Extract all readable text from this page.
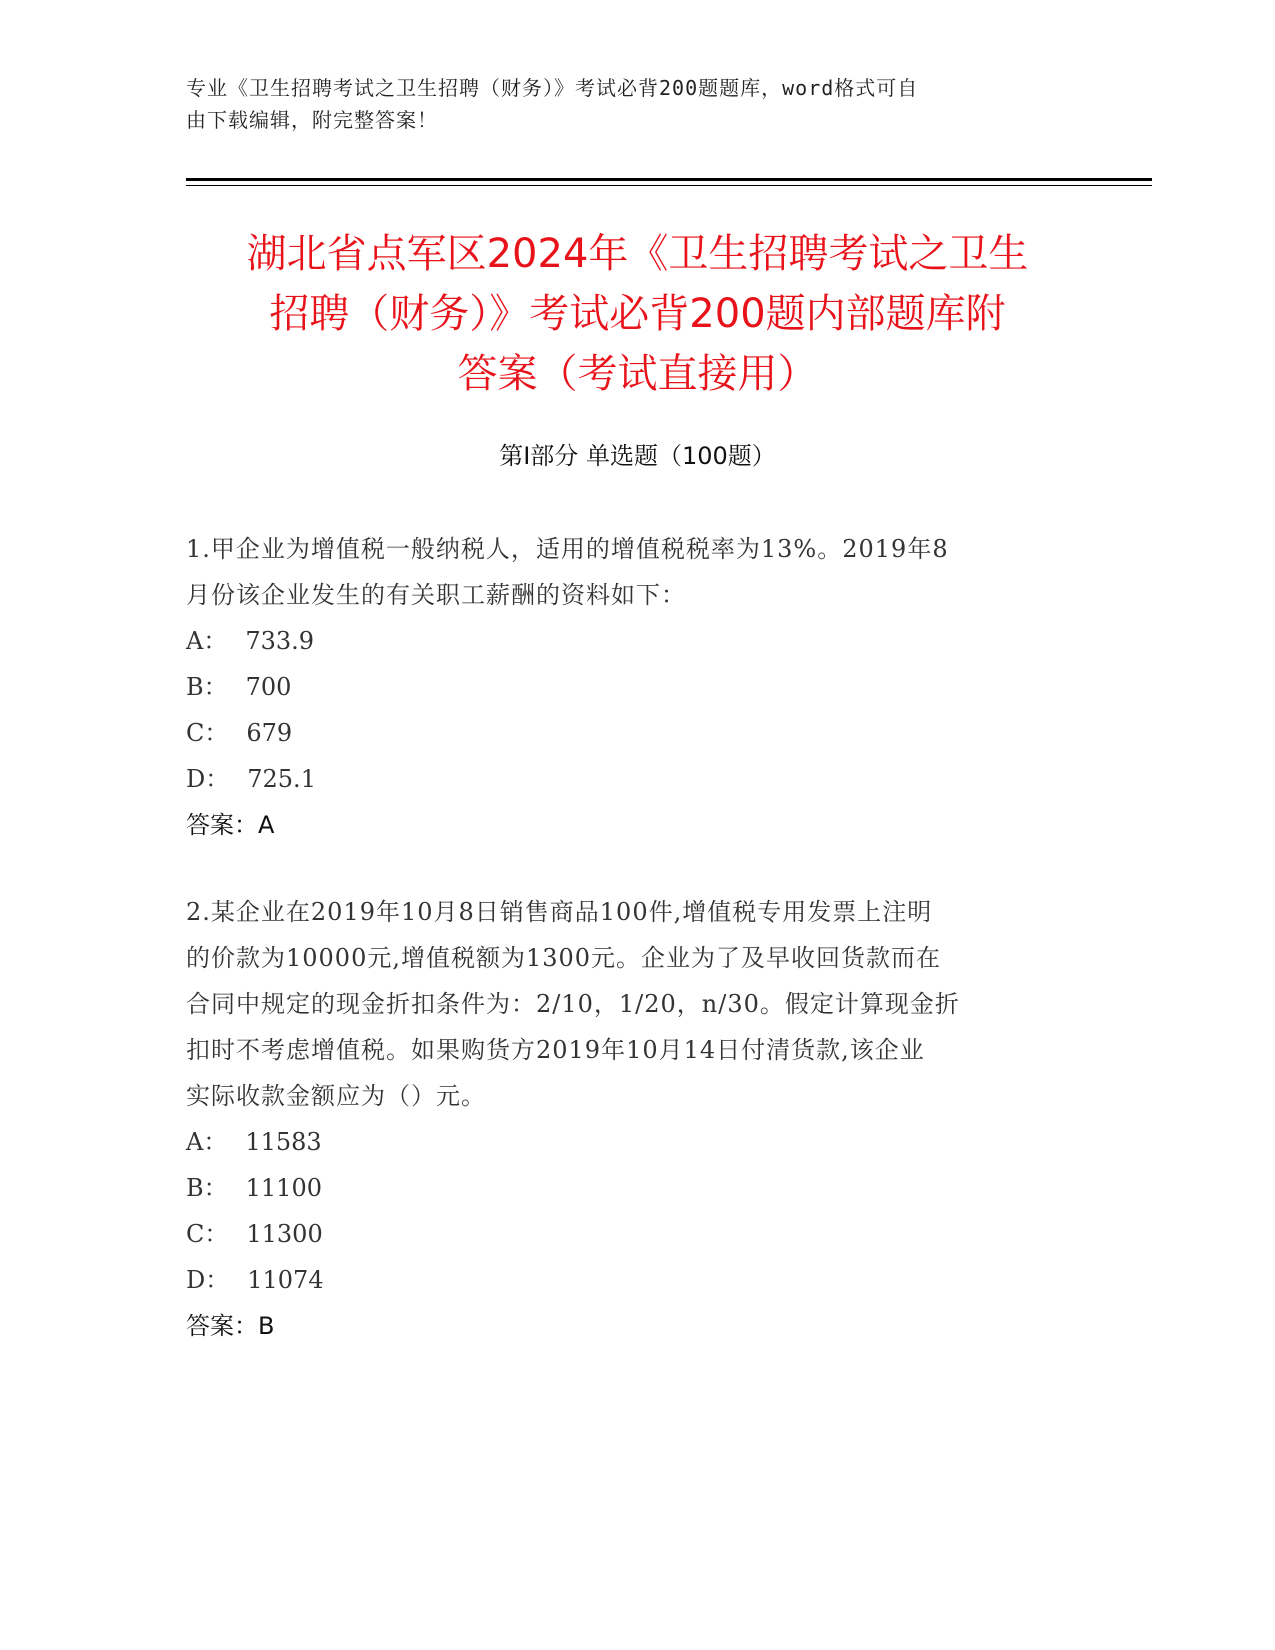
专业《卫生招聘考试之卫生招聘（财务）》考试必背200题题库，word格式可自
由下载编辑，附完整答案！
湖北省点军区2024年《卫生招聘考试之卫生
招聘（财务）》考试必背200题内部题库附
答案（考试直接用）
第I部分 单选题（100题）
1.甲企业为增值税一般纳税人，适用的增值税税率为13%。2019年8
月份该企业发生的有关职工薪酬的资料如下：
A： 733.9
B： 700
C： 679
D： 725.1
答案：A
2.某企业在2019年10月8日销售商品100件,增值税专用发票上注明
的价款为10000元,增值税额为1300元。企业为了及早收回货款而在
合同中规定的现金折扣条件为：2/10，1/20，n/30。假定计算现金折
扣时不考虑增值税。如果购货方2019年10月14日付清货款,该企业
实际收款金额应为（）元。
A： 11583
B： 11100
C： 11300
D： 11074
答案：B
